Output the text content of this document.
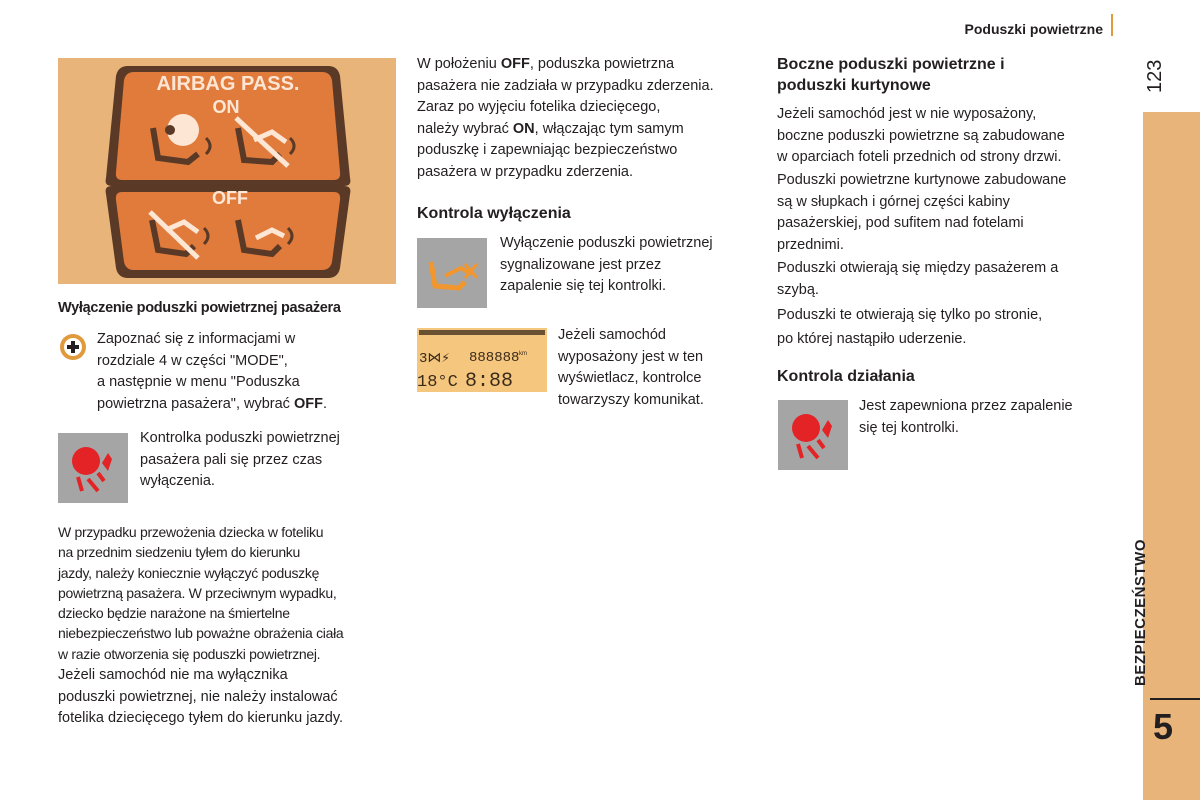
Poduszki powietrzne
123
BEZPIECZEŃSTWO
5
AIRBAG PASS.
ON
OFF
Wyłączenie poduszki powietrznej pasażera
Zapoznać się z informacjami w
rozdziale 4 w części "MODE",
a następnie w menu "Poduszka
powietrzna pasażera", wybrać OFF.
Kontrolka poduszki powietrznej
pasażera pali się przez czas
wyłączenia.
W przypadku przewożenia dziecka w foteliku
na przednim siedzeniu tyłem do kierunku
jazdy, należy koniecznie wyłączyć poduszkę
powietrzną pasażera. W przeciwnym wypadku,
dziecko będzie narażone na śmiertelne
niebezpieczeństwo lub poważne obrażenia ciała
w razie otworzenia się poduszki powietrznej.
Jeżeli samochód nie ma wyłącznika
poduszki powietrznej, nie należy instalować
fotelika dziecięcego tyłem do kierunku jazdy.
W położeniu OFF, poduszka powietrzna
pasażera nie zadziała w przypadku zderzenia.
Zaraz po wyjęciu fotelika dziecięcego,
należy wybrać ON, włączając tym samym
poduszkę i zapewniając bezpieczeństwo
pasażera w przypadku zderzenia.
Kontrola wyłączenia
Wyłączenie poduszki powietrznej
sygnalizowane jest przez
zapalenie się tej kontrolki.
3⋈⚡ 888888 km
18°C 8:88
Jeżeli samochód
wyposażony jest w ten
wyświetlacz, kontrolce
towarzyszy komunikat.
Boczne poduszki powietrzne i
poduszki kurtynowe
Jeżeli samochód jest w nie wyposażony,
boczne poduszki powietrzne są zabudowane
w oparciach foteli przednich od strony drzwi.
Poduszki powietrzne kurtynowe zabudowane
są w słupkach i górnej części kabiny
pasażerskiej, pod sufitem nad fotelami
przednimi.
Poduszki otwierają się między pasażerem a
szybą.
Poduszki te otwierają się tylko po stronie,
po której nastąpiło uderzenie.
Kontrola działania
Jest zapewniona przez zapalenie
się tej kontrolki.
